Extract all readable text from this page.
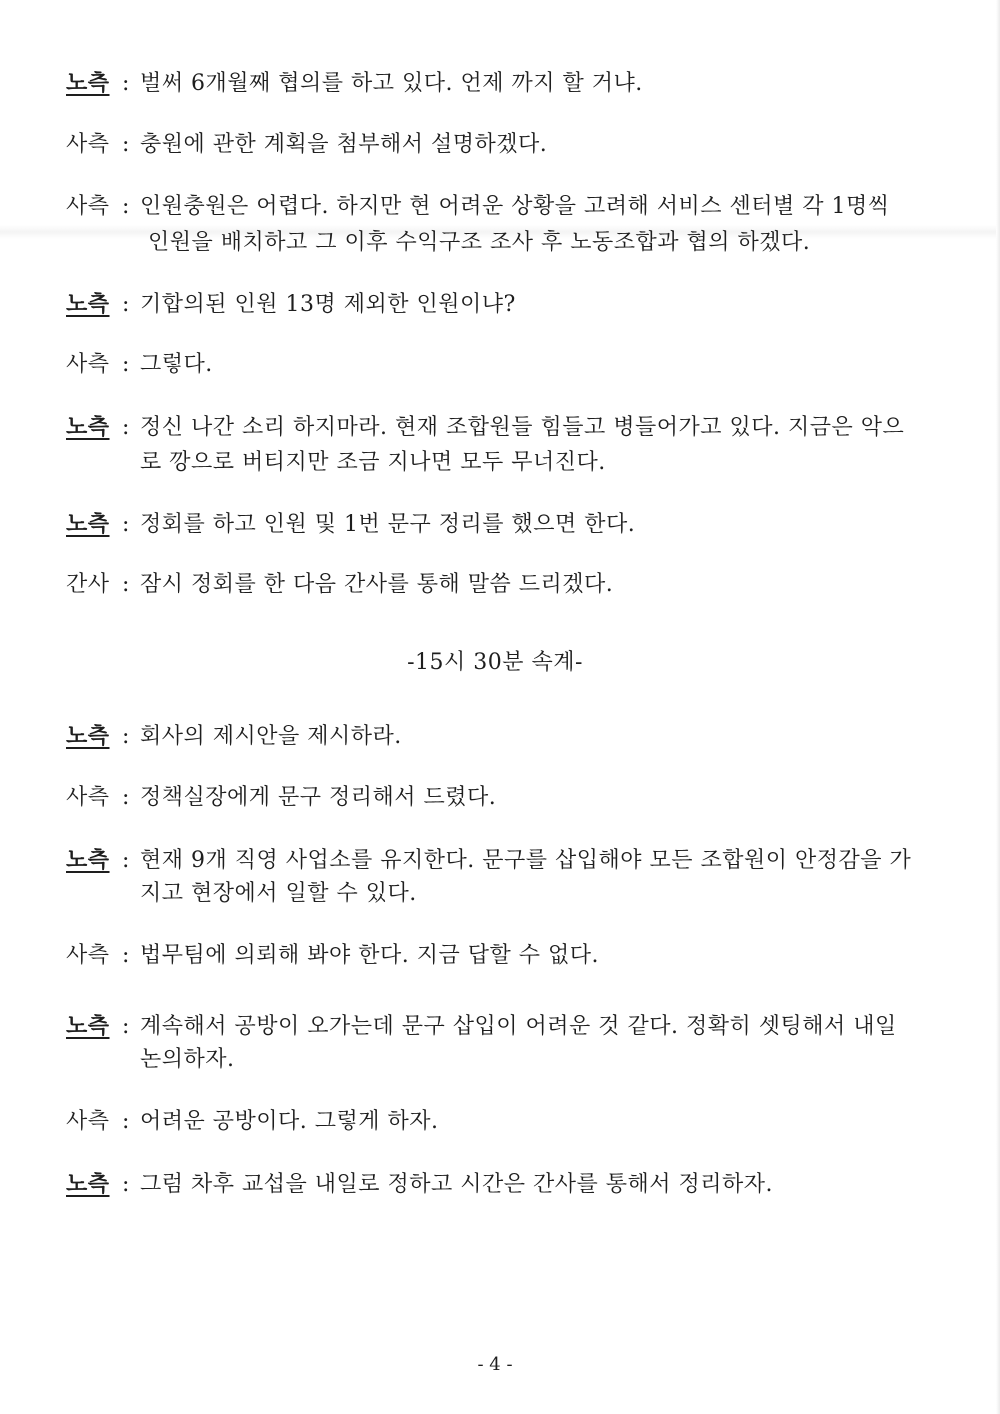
노측 : 벌써 6개월째 협의를 하고 있다. 언제 까지 할 거냐.
사측 : 충원에 관한 계획을 첨부해서 설명하겠다.
사측 : 인원충원은 어렵다. 하지만 현 어려운 상황을 고려해 서비스 센터별 각 1명씩
인원을 배치하고 그 이후 수익구조 조사 후 노동조합과 협의 하겠다.
노측 : 기합의된 인원 13명 제외한 인원이냐?
사측 : 그렇다.
노측 : 정신 나간 소리 하지마라. 현재 조합원들 힘들고 병들어가고 있다. 지금은 악으
로 깡으로 버티지만 조금 지나면 모두 무너진다.
노측 : 정회를 하고 인원 및 1번 문구 정리를 했으면 한다.
간사 : 잠시 정회를 한 다음 간사를 통해 말씀 드리겠다.
-15시 30분 속계-
노측 : 회사의 제시안을 제시하라.
사측 : 정책실장에게 문구 정리해서 드렸다.
노측 : 현재 9개 직영 사업소를 유지한다. 문구를 삽입해야 모든 조합원이 안정감을 가
지고 현장에서 일할 수 있다.
사측 : 법무팀에 의뢰해 봐야 한다. 지금 답할 수 없다.
노측 : 계속해서 공방이 오가는데 문구 삽입이 어려운 것 같다. 정확히 셋팅해서 내일
논의하자.
사측 : 어려운 공방이다. 그렇게 하자.
노측 : 그럼 차후 교섭을 내일로 정하고 시간은 간사를 통해서 정리하자.
- 4 -
